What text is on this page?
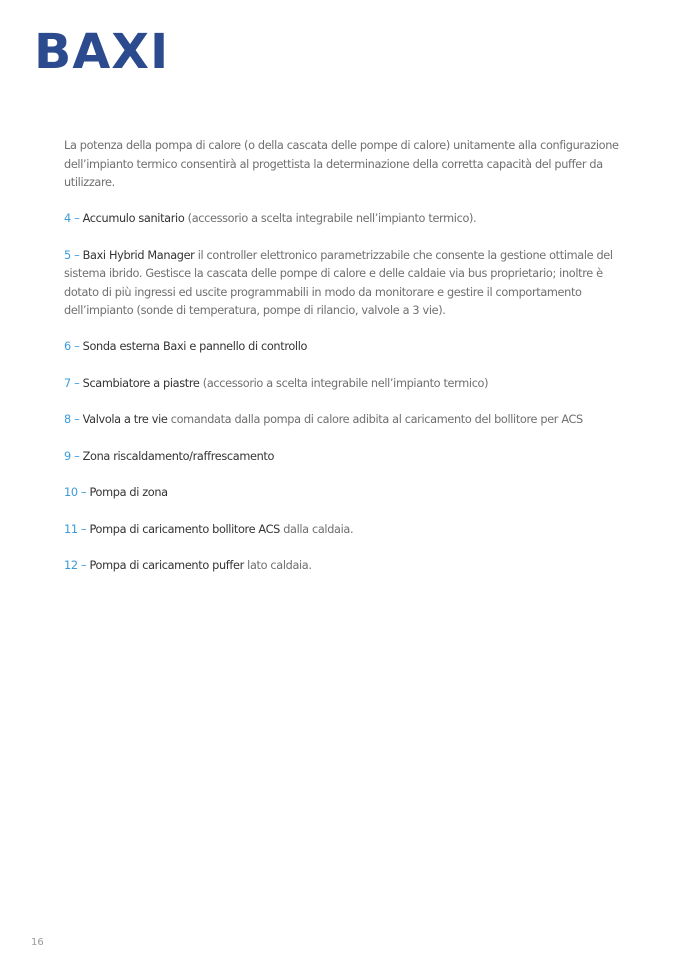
BAXI

La potenza della pompa di calore (o della cascata delle pompe di calore) unitamente alla configurazione dell’impianto termico consentirà al progettista la determinazione della corretta capacità del puffer da utilizzare.

4 – Accumulo sanitario (accessorio a scelta integrabile nell’impianto termico).

5 – Baxi Hybrid Manager il controller elettronico parametrizzabile che consente la gestione ottimale del sistema ibrido. Gestisce la cascata delle pompe di calore e delle caldaie via bus proprietario; inoltre è dotato di più ingressi ed uscite programmabili in modo da monitorare e gestire il comportamento dell’impianto (sonde di temperatura, pompe di rilancio, valvole a 3 vie).

6 – Sonda esterna Baxi e pannello di controllo

7 – Scambiatore a piastre (accessorio a scelta integrabile nell’impianto termico)

8 – Valvola a tre vie comandata dalla pompa di calore adibita al caricamento del bollitore per ACS

9 – Zona riscaldamento/raffrescamento

10 – Pompa di zona

11 – Pompa di caricamento bollitore ACS dalla caldaia.

12 – Pompa di caricamento puffer lato caldaia.

16
